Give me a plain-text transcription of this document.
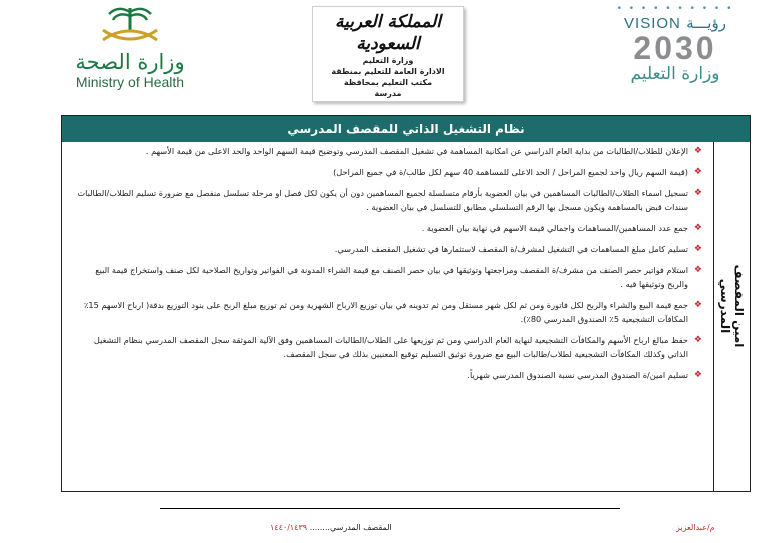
وزارة الصحة
Ministry of Health
المملكة العربية السعودية
وزارة التعليم
الادارة العامة للتعليم بمنطقة
مكتب التعليم بمحافظة
مدرسة
• • • • • • • • • •
VISION رؤيـــة
2030
وزارة التعليم
نظام التشغيل الذاتي للمقصف المدرسي
امين المقصف المدرسي
❖
الإعلان للطلاب/الطالبات من بداية العام الدراسي عن امكانية المساهمة في تشغيل المقصف المدرسي وتوضيح قيمة السهم الواحد والحد الاعلى من قيمة الأسهم .
❖
(قيمة السهم ريال واحد لجميع المراحل / الحد الاعلى للمساهمة 40 سهم لكل طالب/ة في جميع المراحل)
❖
تسجيل اسماء الطلاب/الطالبات المساهمين في بيان العضوية بأرقام متسلسلة لجميع المساهمين دون أن يكون لكل فصل او مرحلة تسلسل منفصل مع ضرورة تسليم الطلاب/الطالبات سندات قبض بالمساهمة ويكون مسجل بها الرقم التسلسلي مطابق للتسلسل في بيان العضوية .
❖
جمع عدد المساهمين/المساهمات واجمالي قيمة الاسهم في نهاية بيان العضوية .
❖
تسليم كامل مبلغ المساهمات في التشغيل لمشرف/ة المقصف لاستثمارها في تشغيل المقصف المدرسي.
❖
استلام فواتير حصر الصنف من مشرف/ة المقصف ومراجعتها وتوثيقها في بيان حصر الصنف مع قيمة الشراء المدونة في الفواتير وتواريخ الصلاحية لكل صنف واستخراج قيمة البيع والربح وتوثيقها فيه .
❖
جمع قيمة البيع والشراء والربح لكل فاتورة ومن ثم لكل شهر مستقل ومن ثم تدوينه في بيان توزيع الارباح الشهرية ومن ثم توزيع مبلغ الربح على بنود التوزيع بدقة( ارباح الاسهم 15٪ المكافآت التشجيعية 5٪ الصندوق المدرسي 80٪).
❖
حفظ مبالغ ارباح الأسهم والمكافآت التشجيعية لنهاية العام الدراسي ومن ثم توزيعها على الطلاب/الطالبات المساهمين وفق الآلية الموثقة سجل المقصف المدرسي بنظام التشغيل الذاتي وكذلك المكافآت التشجيعية لطلاب/طالبات البيع مع ضرورة توثيق التسليم توقيع المعنيين بذلك في سجل المقصف.
❖
تسليم امين/ة الصندوق المدرسي نسبة الصندوق المدرسي شهرياً.
المقصف المدرسي........ ١٤٤٠/١٤٣٩	م/عبدالعزيز
